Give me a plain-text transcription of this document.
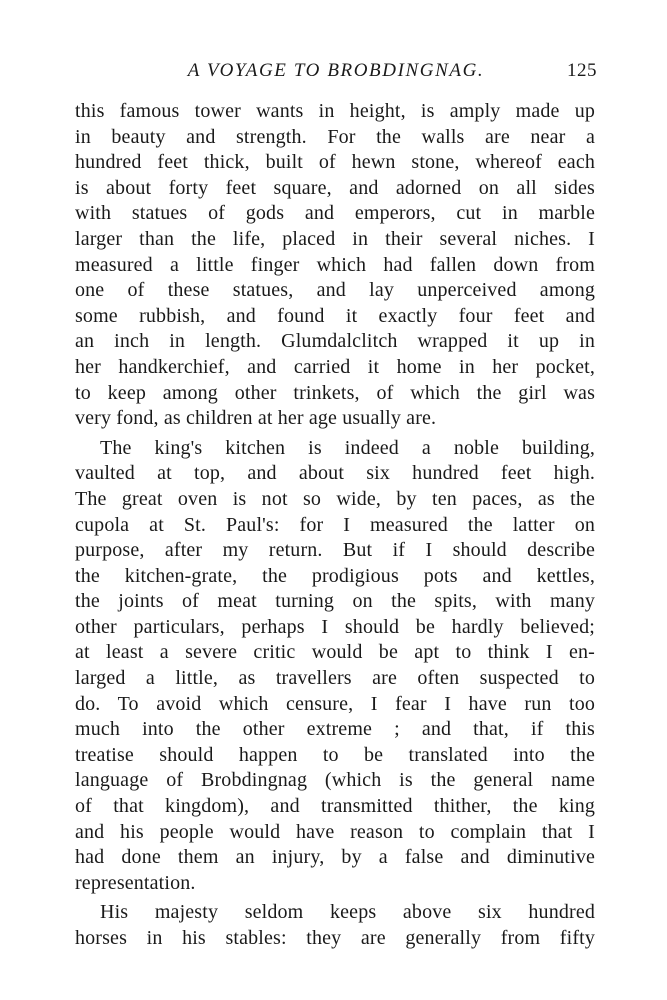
A VOYAGE TO BROBDINGNAG.	125
this famous tower wants in height, is amply made up
in beauty and strength. For the walls are near a
hundred feet thick, built of hewn stone, whereof each
is about forty feet square, and adorned on all sides
with statues of gods and emperors, cut in marble
larger than the life, placed in their several niches. I
measured a little finger which had fallen down from
one of these statues, and lay unperceived among
some rubbish, and found it exactly four feet and
an inch in length. Glumdalclitch wrapped it up in
her handkerchief, and carried it home in her pocket,
to keep among other trinkets, of which the girl was
very fond, as children at her age usually are.
The king's kitchen is indeed a noble building,
vaulted at top, and about six hundred feet high.
The great oven is not so wide, by ten paces, as the
cupola at St. Paul's: for I measured the latter on
purpose, after my return. But if I should describe
the kitchen-grate, the prodigious pots and kettles,
the joints of meat turning on the spits, with many
other particulars, perhaps I should be hardly believed;
at least a severe critic would be apt to think I en-
larged a little, as travellers are often suspected to
do. To avoid which censure, I fear I have run too
much into the other extreme ; and that, if this
treatise should happen to be translated into the
language of Brobdingnag (which is the general name
of that kingdom), and transmitted thither, the king
and his people would have reason to complain that I
had done them an injury, by a false and diminutive
representation.
His majesty seldom keeps above six hundred
horses in his stables: they are generally from fifty
